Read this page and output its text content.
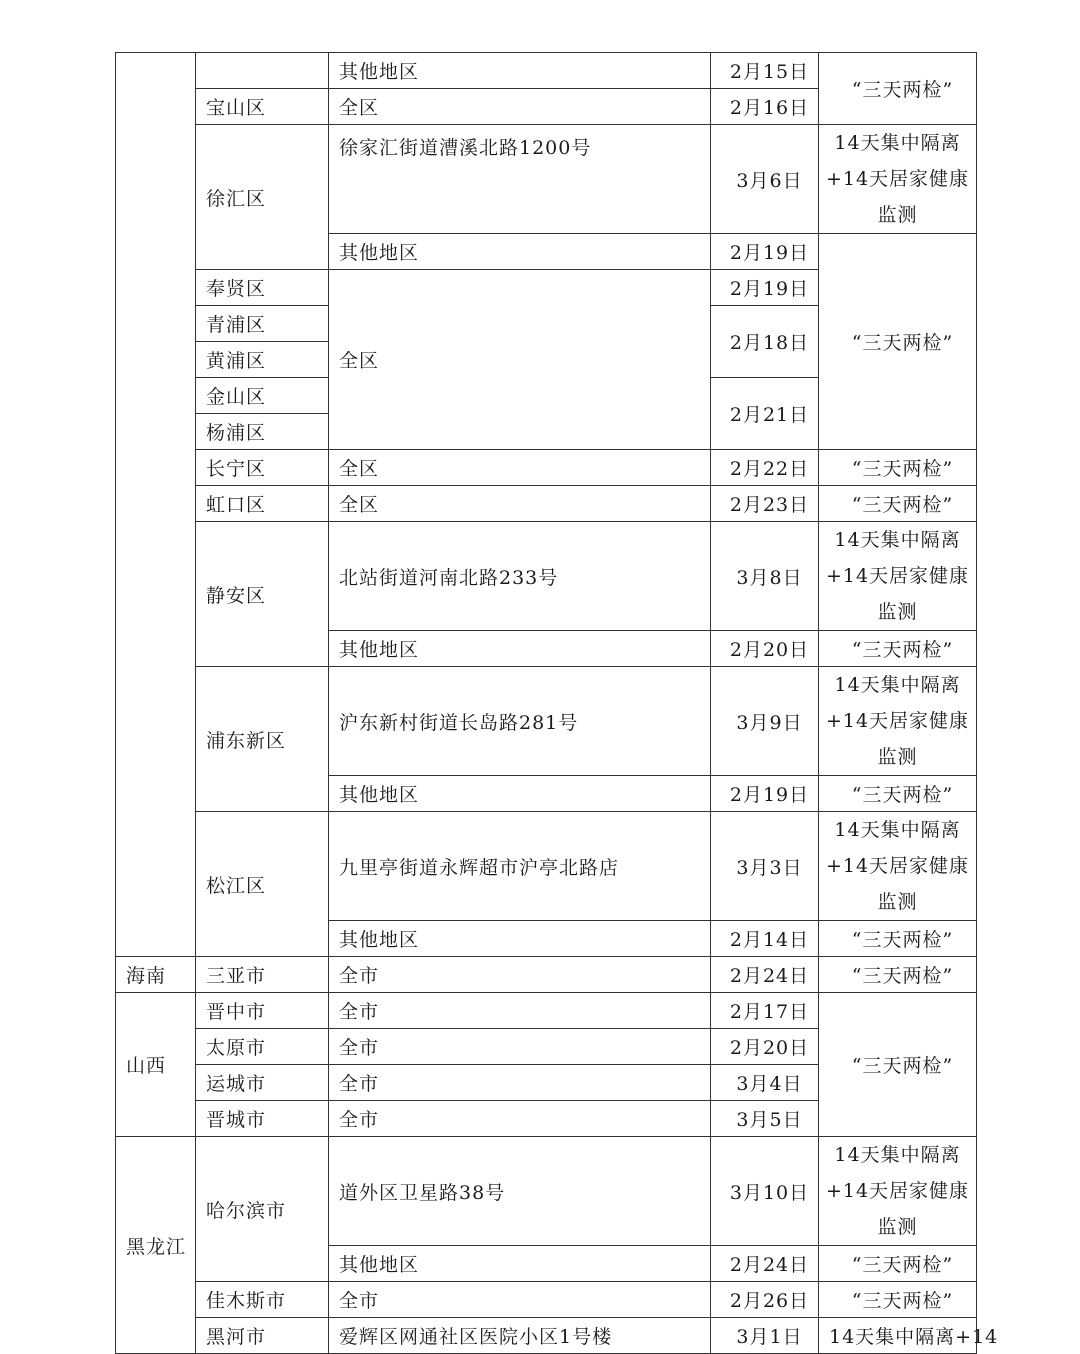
		其他地区	2月15日	“三天两检”
	宝山区	全区	2月16日	
	徐汇区	徐家汇街道漕溪北路1200号	3月6日	14天集中隔离+14天居家健康监测
		其他地区	2月19日	“三天两检”
	奉贤区	全区	2月19日	
	青浦区		2月18日	
	黄浦区			
	金山区		2月21日	
	杨浦区			
	长宁区	全区	2月22日	“三天两检”
	虹口区	全区	2月23日	“三天两检”
	静安区	北站街道河南北路233号	3月8日	14天集中隔离+14天居家健康监测
		其他地区	2月20日	“三天两检”
	浦东新区	沪东新村街道长岛路281号	3月9日	14天集中隔离+14天居家健康监测
		其他地区	2月19日	“三天两检”
	松江区	九里亭街道永辉超市沪亭北路店	3月3日	14天集中隔离+14天居家健康监测
		其他地区	2月14日	“三天两检”
海南	三亚市	全市	2月24日	“三天两检”
山西	晋中市	全市	2月17日	“三天两检”
	太原市	全市	2月20日	
	运城市	全市	3月4日	
	晋城市	全市	3月5日	
黑龙江	哈尔滨市	道外区卫星路38号	3月10日	14天集中隔离+14天居家健康监测
		其他地区	2月24日	“三天两检”
	佳木斯市	全市	2月26日	“三天两检”
	黑河市	爱辉区网通社区医院小区1号楼	3月1日	14天集中隔离+14
